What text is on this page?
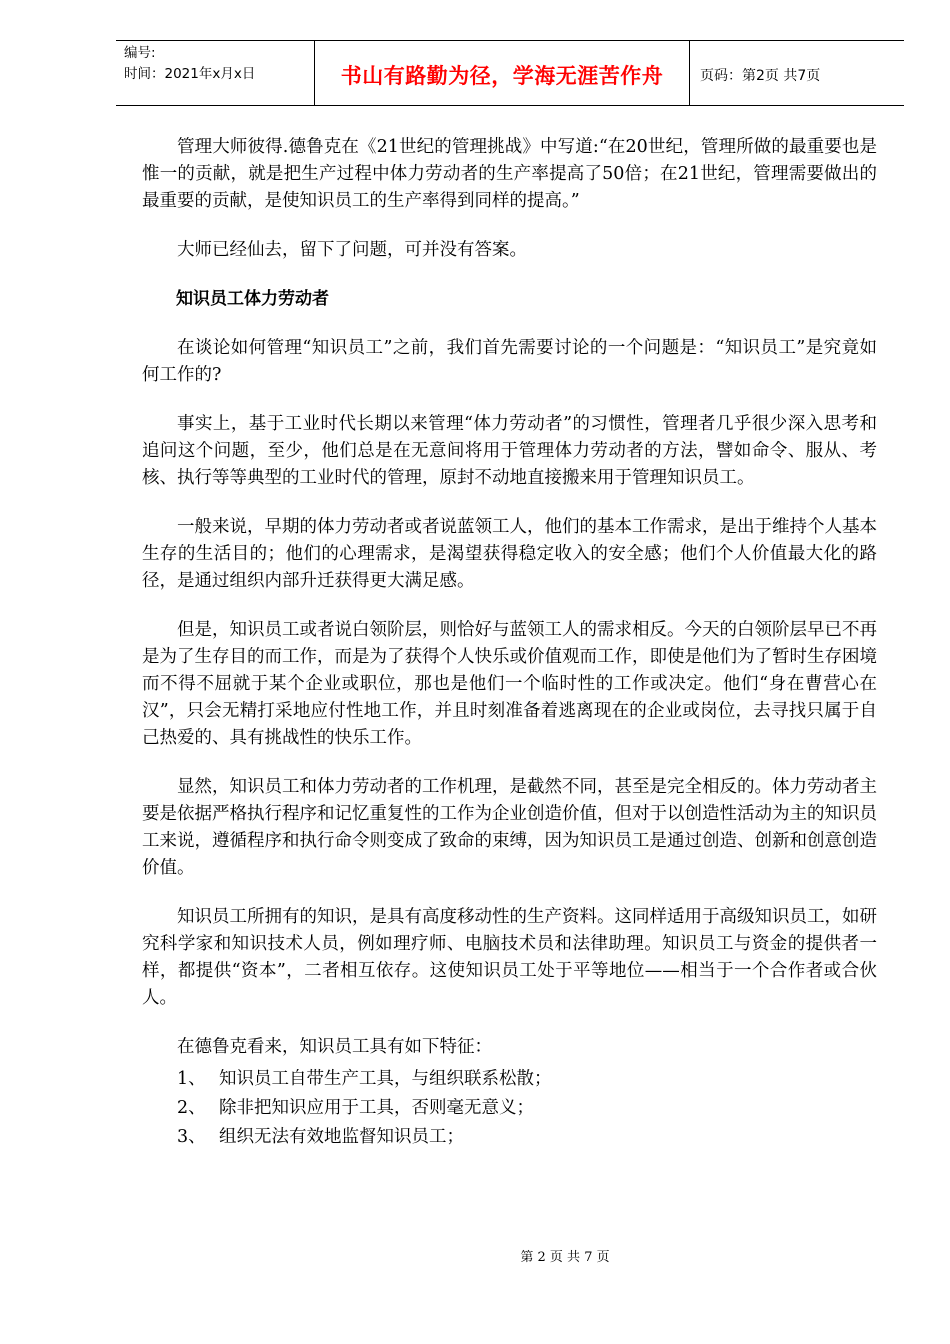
编号:
时间：2021年x月x日	书山有路勤为径，学海无涯苦作舟	页码：第2页 共7页

管理大师彼得.德鲁克在《21世纪的管理挑战》中写道:“在20世纪，管理所做的最重要也是惟一的贡献，就是把生产过程中体力劳动者的生产率提高了50倍；在21世纪，管理需要做出的最重要的贡献，是使知识员工的生产率得到同样的提高。”

大师已经仙去，留下了问题，可并没有答案。

知识员工体力劳动者

在谈论如何管理“知识员工”之前，我们首先需要讨论的一个问题是：“知识员工”是究竟如何工作的?

事实上，基于工业时代长期以来管理“体力劳动者”的习惯性，管理者几乎很少深入思考和追问这个问题，至少，他们总是在无意间将用于管理体力劳动者的方法，譬如命令、服从、考核、执行等等典型的工业时代的管理，原封不动地直接搬来用于管理知识员工。

一般来说，早期的体力劳动者或者说蓝领工人，他们的基本工作需求，是出于维持个人基本生存的生活目的；他们的心理需求，是渴望获得稳定收入的安全感；他们个人价值最大化的路径，是通过组织内部升迁获得更大满足感。

但是，知识员工或者说白领阶层，则恰好与蓝领工人的需求相反。今天的白领阶层早已不再是为了生存目的而工作，而是为了获得个人快乐或价值观而工作，即使是他们为了暂时生存困境而不得不屈就于某个企业或职位，那也是他们一个临时性的工作或决定。他们“身在曹营心在汉”，只会无精打采地应付性地工作，并且时刻准备着逃离现在的企业或岗位，去寻找只属于自己热爱的、具有挑战性的快乐工作。

显然，知识员工和体力劳动者的工作机理，是截然不同，甚至是完全相反的。体力劳动者主要是依据严格执行程序和记忆重复性的工作为企业创造价值，但对于以创造性活动为主的知识员工来说，遵循程序和执行命令则变成了致命的束缚，因为知识员工是通过创造、创新和创意创造价值。

知识员工所拥有的知识，是具有高度移动性的生产资料。这同样适用于高级知识员工，如研究科学家和知识技术人员，例如理疗师、电脑技术员和法律助理。知识员工与资金的提供者一样，都提供“资本”，二者相互依存。这使知识员工处于平等地位——相当于一个合作者或合伙人。

在德鲁克看来，知识员工具有如下特征：

1、 知识员工自带生产工具，与组织联系松散；

2、 除非把知识应用于工具，否则毫无意义；

3、 组织无法有效地监督知识员工；

第 2 页 共 7 页
